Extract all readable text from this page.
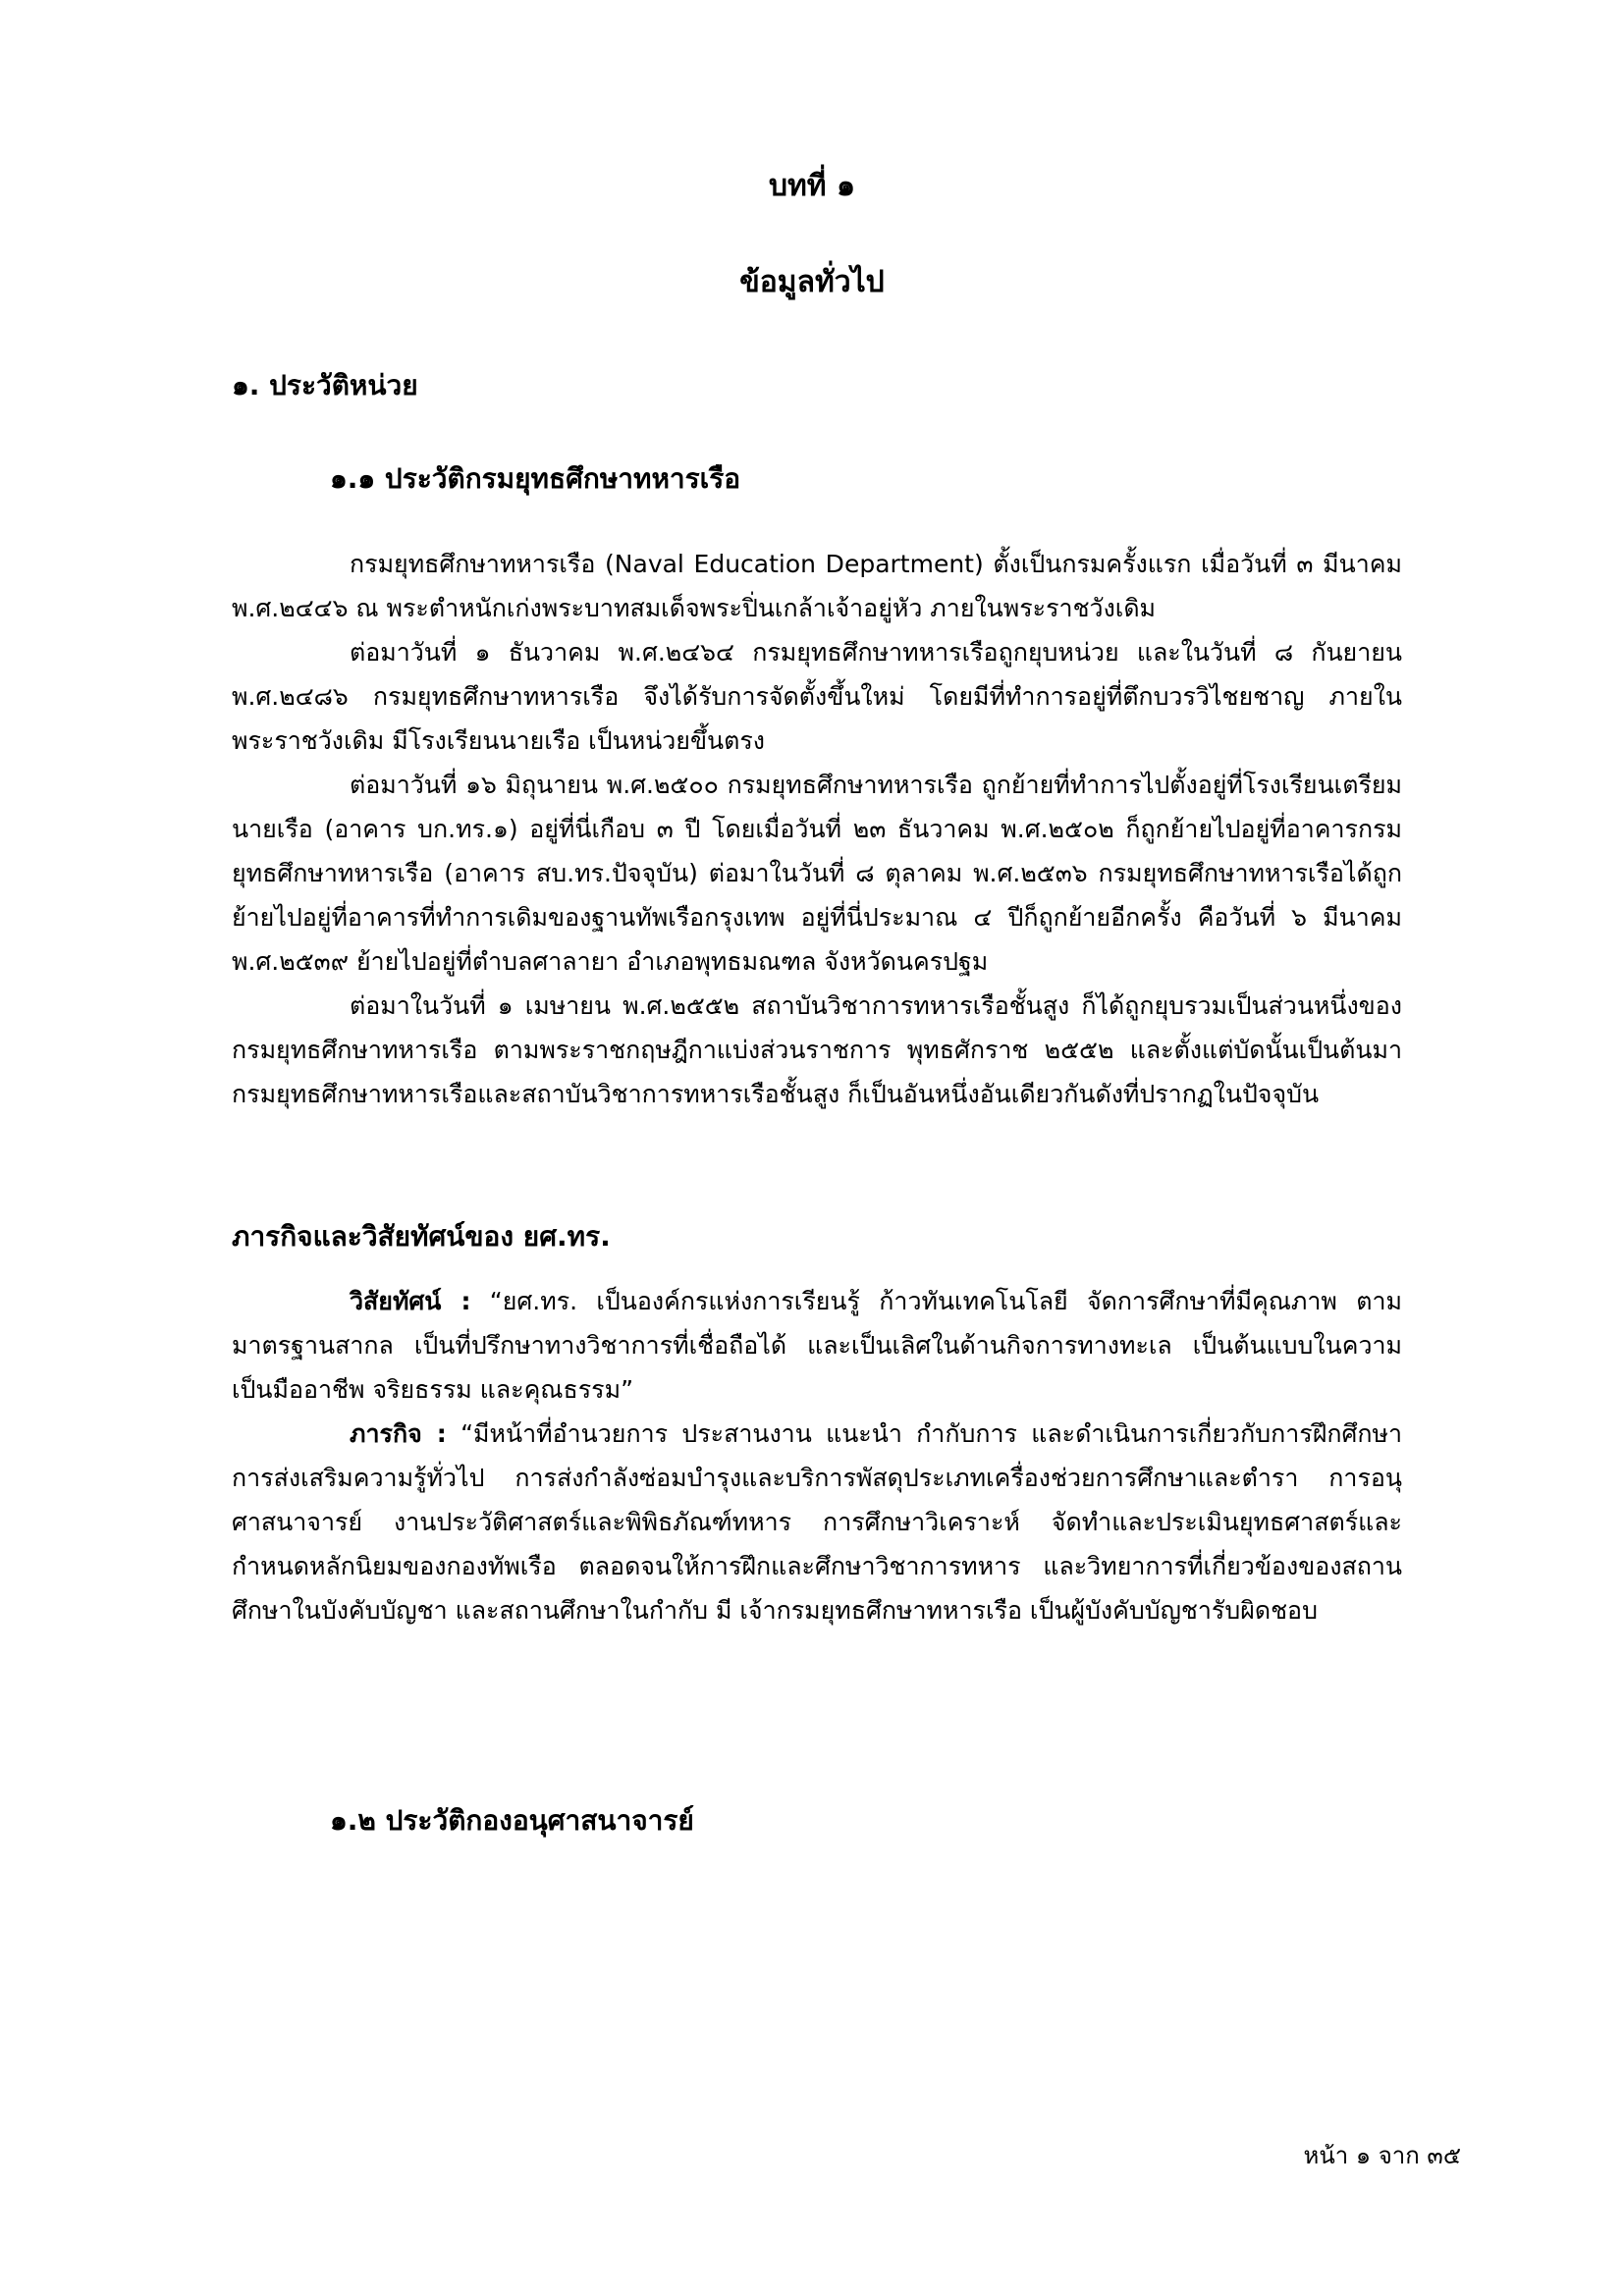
บทที่ ๑
ข้อมูลทั่วไป
๑. ประวัติหน่วย
๑.๑ ประวัติกรมยุทธศึกษาทหารเรือ

กรมยุทธศึกษาทหารเรือ (Naval Education Department) ตั้งเป็นกรมครั้งแรก เมื่อวันที่ ๓ มีนาคม พ.ศ.๒๔๔๖ ณ พระตำหนักเก่งพระบาทสมเด็จพระปิ่นเกล้าเจ้าอยู่หัว ภายในพระราชวังเดิม

ต่อมาวันที่ ๑ ธันวาคม พ.ศ.๒๔๖๔ กรมยุทธศึกษาทหารเรือถูกยุบหน่วย และในวันที่ ๘ กันยายน พ.ศ.๒๔๘๖ กรมยุทธศึกษาทหารเรือ จึงได้รับการจัดตั้งขึ้นใหม่ โดยมีที่ทำการอยู่ที่ตึกบวรวิไชยชาญ ภายในพระราชวังเดิม มีโรงเรียนนายเรือ เป็นหน่วยขึ้นตรง

ต่อมาวันที่ ๑๖ มิถุนายน พ.ศ.๒๕๐๐ กรมยุทธศึกษาทหารเรือ ถูกย้ายที่ทำการไปตั้งอยู่ที่โรงเรียนเตรียมนายเรือ (อาคาร บก.ทร.๑) อยู่ที่นี่เกือบ ๓ ปี โดยเมื่อวันที่ ๒๓ ธันวาคม พ.ศ.๒๕๐๒ ก็ถูกย้ายไปอยู่ที่อาคารกรมยุทธศึกษาทหารเรือ (อาคาร สบ.ทร.ปัจจุบัน) ต่อมาในวันที่ ๘ ตุลาคม พ.ศ.๒๕๓๖ กรมยุทธศึกษาทหารเรือได้ถูกย้ายไปอยู่ที่อาคารที่ทำการเดิมของฐานทัพเรือกรุงเทพ อยู่ที่นี่ประมาณ ๔ ปีก็ถูกย้ายอีกครั้ง คือวันที่ ๖ มีนาคม พ.ศ.๒๕๓๙ ย้ายไปอยู่ที่ตำบลศาลายา อำเภอพุทธมณฑล จังหวัดนครปฐม

ต่อมาในวันที่ ๑ เมษายน พ.ศ.๒๕๕๒ สถาบันวิชาการทหารเรือชั้นสูง ก็ได้ถูกยุบรวมเป็นส่วนหนึ่งของกรมยุทธศึกษาทหารเรือ ตามพระราชกฤษฎีกาแบ่งส่วนราชการ พุทธศักราช ๒๕๕๒ และตั้งแต่บัดนั้นเป็นต้นมา กรมยุทธศึกษาทหารเรือและสถาบันวิชาการทหารเรือชั้นสูง ก็เป็นอันหนึ่งอันเดียวกันดังที่ปรากฏในปัจจุบัน

ภารกิจและวิสัยทัศน์ของ ยศ.ทร.

วิสัยทัศน์ : “ยศ.ทร. เป็นองค์กรแห่งการเรียนรู้ ก้าวทันเทคโนโลยี จัดการศึกษาที่มีคุณภาพ ตามมาตรฐานสากล เป็นที่ปรึกษาทางวิชาการที่เชื่อถือได้ และเป็นเลิศในด้านกิจการทางทะเล เป็นต้นแบบในความเป็นมืออาชีพ จริยธรรม และคุณธรรม”

ภารกิจ : “มีหน้าที่อำนวยการ ประสานงาน แนะนำ กำกับการ และดำเนินการเกี่ยวกับการฝึกศึกษา การส่งเสริมความรู้ทั่วไป การส่งกำลังซ่อมบำรุงและบริการพัสดุประเภทเครื่องช่วยการศึกษาและตำรา การอนุศาสนาจารย์ งานประวัติศาสตร์และพิพิธภัณฑ์ทหาร การศึกษาวิเคราะห์ จัดทำและประเมินยุทธศาสตร์และกำหนดหลักนิยมของกองทัพเรือ ตลอดจนให้การฝึกและศึกษาวิชาการทหาร และวิทยาการที่เกี่ยวข้องของสถานศึกษาในบังคับบัญชา และสถานศึกษาในกำกับ มี เจ้ากรมยุทธศึกษาทหารเรือ เป็นผู้บังคับบัญชารับผิดชอบ

๑.๒ ประวัติกองอนุศาสนาจารย์
หน้า ๑ จาก ๓๕
